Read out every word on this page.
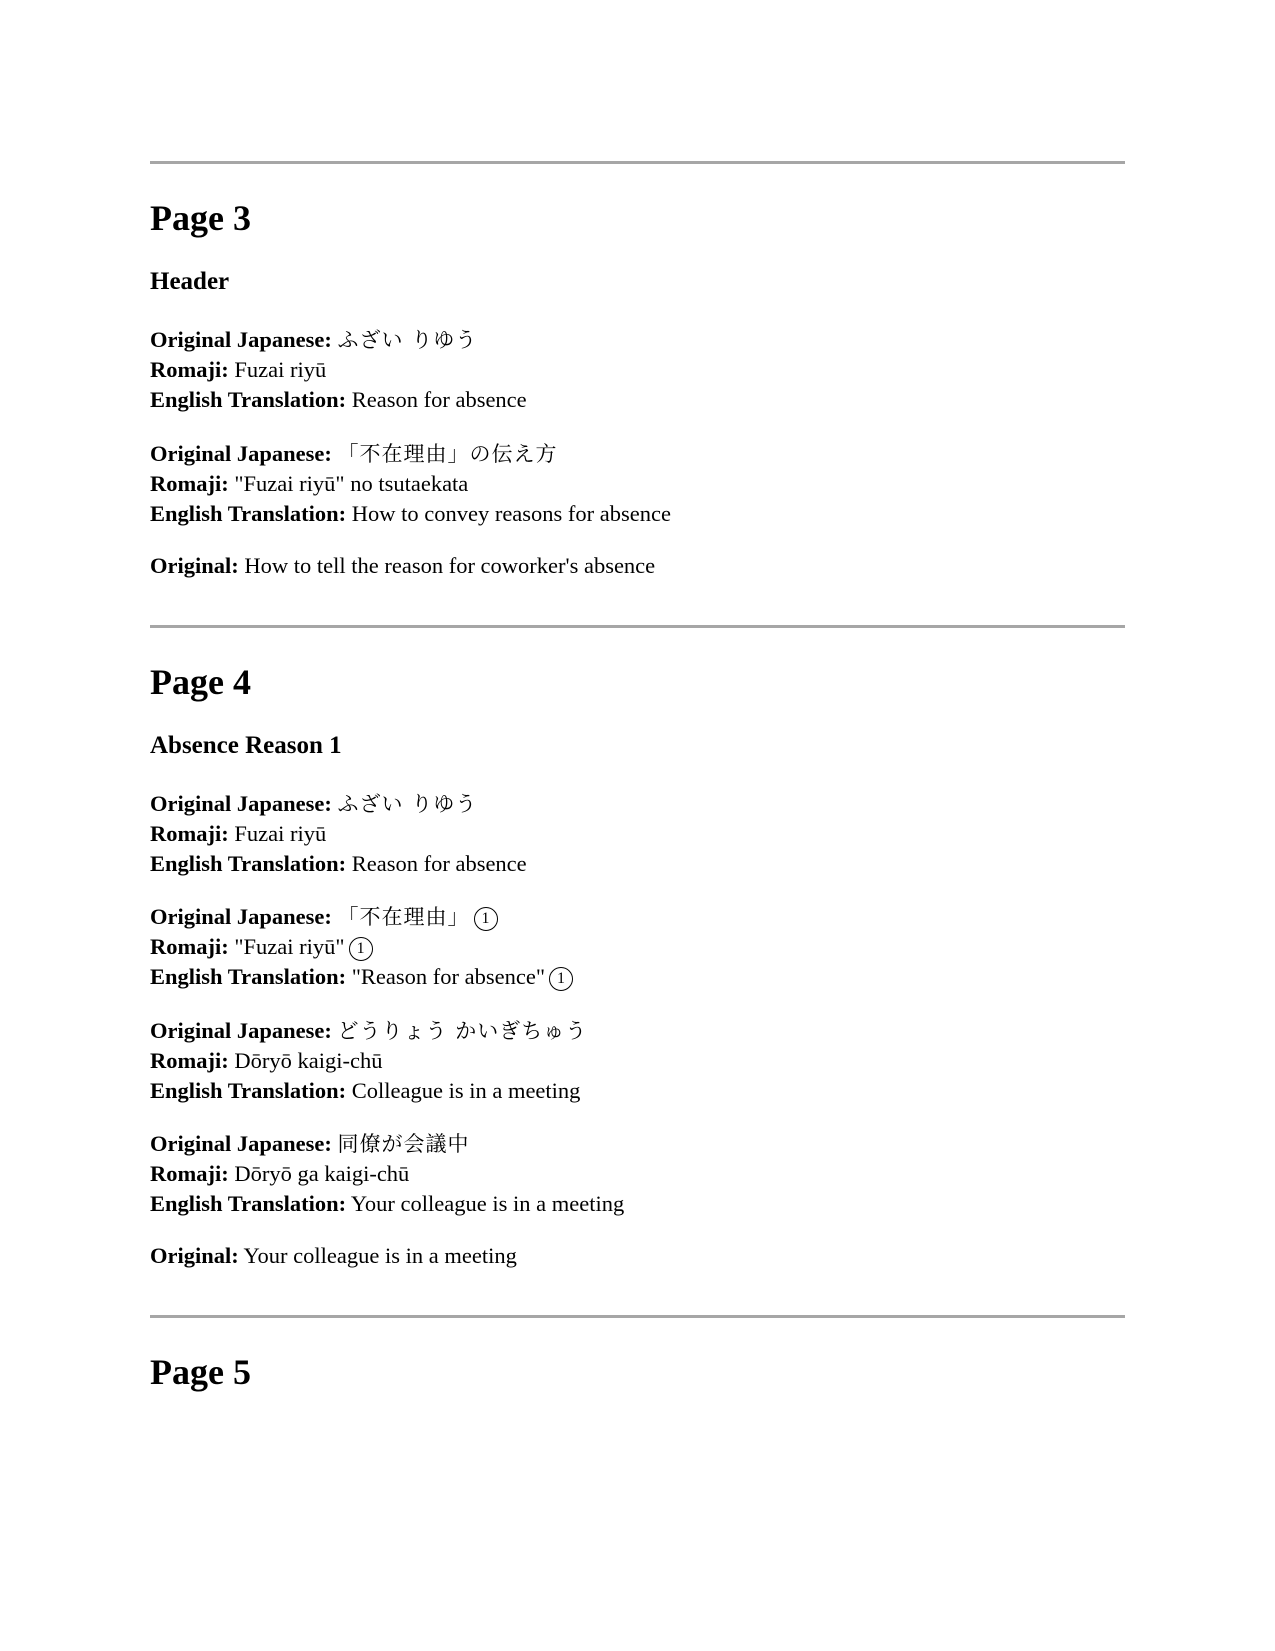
Page 3
Header
Original Japanese: ふざい りゆう
Romaji: Fuzai riyū
English Translation: Reason for absence
Original Japanese: 「不在理由」の伝え方
Romaji: "Fuzai riyū" no tsutaekata
English Translation: How to convey reasons for absence
Original: How to tell the reason for coworker's absence
Page 4
Absence Reason 1
Original Japanese: ふざい りゆう
Romaji: Fuzai riyū
English Translation: Reason for absence
Original Japanese: 「不在理由」 1
Romaji: "Fuzai riyū" 1
English Translation: "Reason for absence" 1
Original Japanese: どうりょう かいぎちゅう
Romaji: Dōryō kaigi-chū
English Translation: Colleague is in a meeting
Original Japanese: 同僚が会議中
Romaji: Dōryō ga kaigi-chū
English Translation: Your colleague is in a meeting
Original: Your colleague is in a meeting
Page 5
